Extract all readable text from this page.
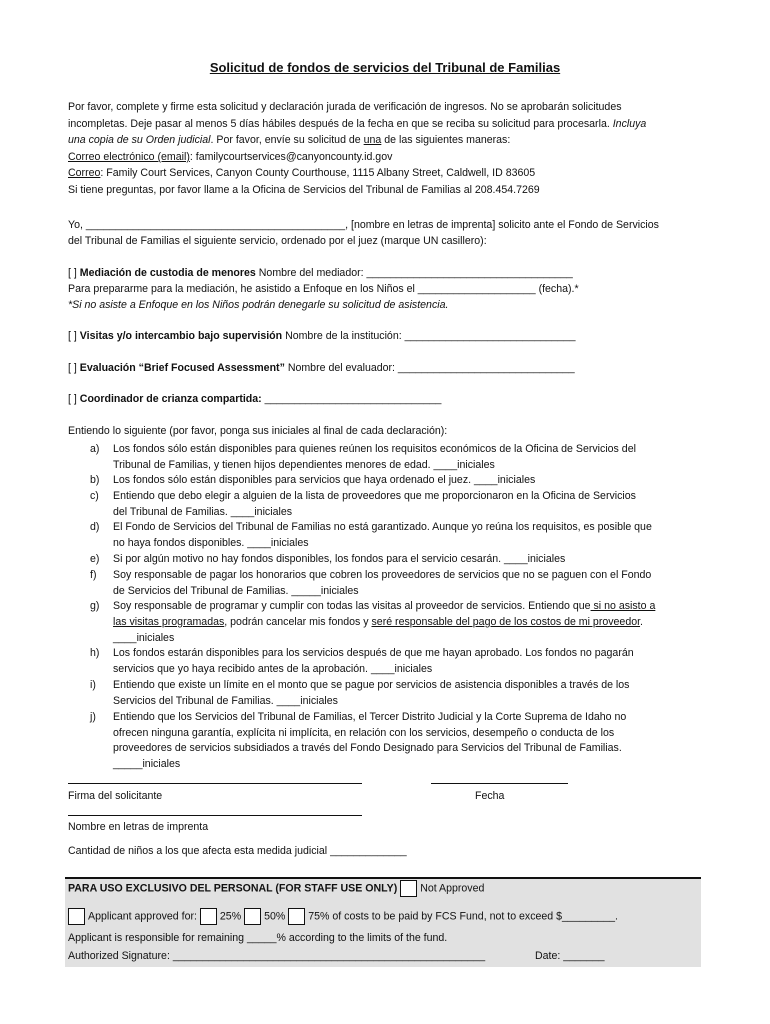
Solicitud de fondos de servicios del Tribunal de Familias
Por favor, complete y firme esta solicitud y declaración jurada de verificación de ingresos. No se aprobarán solicitudes
incompletas. Deje pasar al menos 5 días hábiles después de la fecha en que se reciba su solicitud para procesarla. Incluya
una copia de su Orden judicial. Por favor, envíe su solicitud de una de las siguientes maneras:
Correo electrónico (email): familycourtservices@canyoncounty.id.gov
Correo: Family Court Services, Canyon County Courthouse, 1115 Albany Street, Caldwell, ID 83605
Si tiene preguntas, por favor llame a la Oficina de Servicios del Tribunal de Familias al 208.454.7269
Yo, ____________________________________________, [nombre en letras de imprenta] solicito ante el Fondo de Servicios
del Tribunal de Familias el siguiente servicio, ordenado por el juez (marque UN casillero):
[ ] Mediación de custodia de menores Nombre del mediador: ___________________________________
Para prepararme para la mediación, he asistido a Enfoque en los Niños el ____________________ (fecha).*
*Si no asiste a Enfoque en los Niños podrán denegarle su solicitud de asistencia.
[ ] Visitas y/o intercambio bajo supervisión Nombre de la institución: _____________________________
[ ] Evaluación “Brief Focused Assessment” Nombre del evaluador: ______________________________
[ ] Coordinador de crianza compartida: ______________________________
Entiendo lo siguiente (por favor, ponga sus iniciales al final de cada declaración):
a) Los fondos sólo están disponibles para quienes reúnen los requisitos económicos de la Oficina de Servicios del
Tribunal de Familias, y tienen hijos dependientes menores de edad. ____iniciales
b) Los fondos sólo están disponibles para servicios que haya ordenado el juez. ____iniciales
c) Entiendo que debo elegir a alguien de la lista de proveedores que me proporcionaron en la Oficina de Servicios
del Tribunal de Familias. ____iniciales
d) El Fondo de Servicios del Tribunal de Familias no está garantizado. Aunque yo reúna los requisitos, es posible que
no haya fondos disponibles. ____iniciales
e) Si por algún motivo no hay fondos disponibles, los fondos para el servicio cesarán. ____iniciales
f) Soy responsable de pagar los honorarios que cobren los proveedores de servicios que no se paguen con el Fondo
de Servicios del Tribunal de Familias. _____iniciales
g) Soy responsable de programar y cumplir con todas las visitas al proveedor de servicios. Entiendo que si no asisto a
las visitas programadas, podrán cancelar mis fondos y seré responsable del pago de los costos de mi proveedor.
____iniciales
h) Los fondos estarán disponibles para los servicios después de que me hayan aprobado. Los fondos no pagarán
servicios que yo haya recibido antes de la aprobación. ____iniciales
i) Entiendo que existe un límite en el monto que se pague por servicios de asistencia disponibles a través de los
Servicios del Tribunal de Familias. ____iniciales
j) Entiendo que los Servicios del Tribunal de Familias, el Tercer Distrito Judicial y la Corte Suprema de Idaho no
ofrecen ninguna garantía, explícita ni implícita, en relación con los servicios, desempeño o conducta de los
proveedores de servicios subsidiados a través del Fondo Designado para Servicios del Tribunal de Familias.
_____iniciales
Firma del solicitante	Fecha
Nombre en letras de imprenta
Cantidad de niños a los que afecta esta medida judicial _____________
PARA USO EXCLUSIVO DEL PERSONAL (FOR STAFF USE ONLY) Not Approved
Applicant approved for: 25% 50% 75% of costs to be paid by FCS Fund, not to exceed $_________.
Applicant is responsible for remaining _____% according to the limits of the fund.
Authorized Signature: _____________________________________________________	Date: _______
